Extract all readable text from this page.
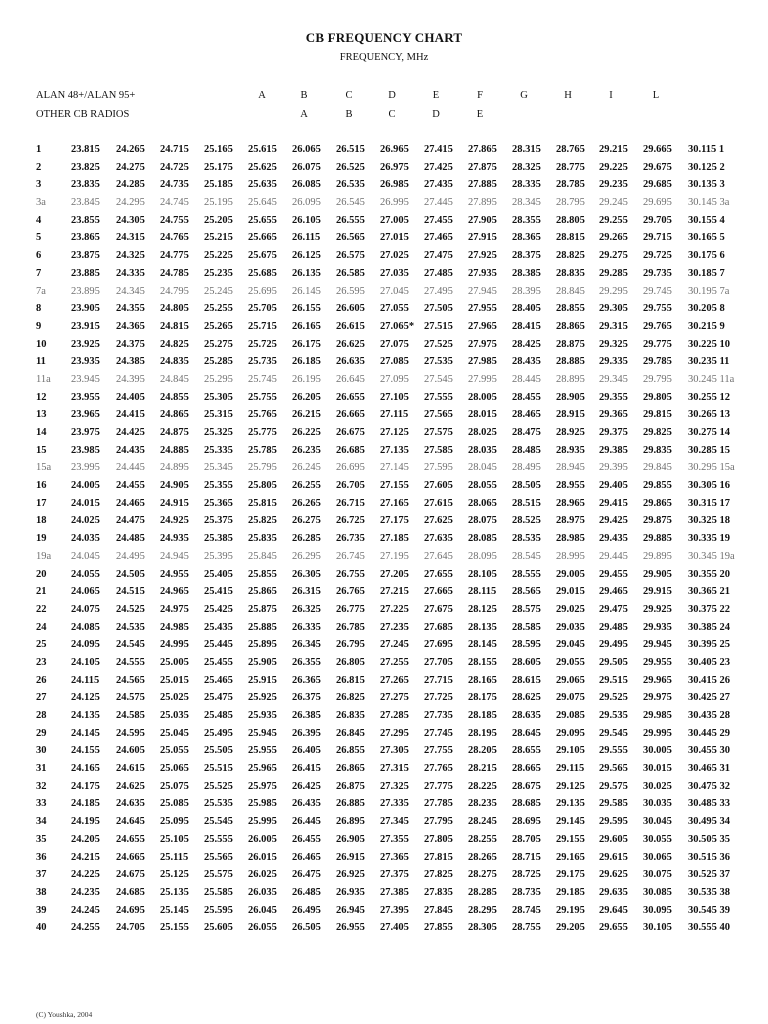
CB FREQUENCY CHART
FREQUENCY, MHz
ALAN 48+/ALAN 95+
OTHER CB RADIOS
A	B	C	D	E	F	G	H	I	L
A	B	C	D	E
1	23.815 24.265 24.715 25.165 25.615 26.065 26.515 26.965 27.415 27.865 28.315 28.765 29.215 29.665 30.115 1
2	23.825 24.275 24.725 25.175 25.625 26.075 26.525 26.975 27.425 27.875 28.325 28.775 29.225 29.675 30.125 2
3	23.835 24.285 24.735 25.185 25.635 26.085 26.535 26.985 27.435 27.885 28.335 28.785 29.235 29.685 30.135 3
3a 23.845 24.295 24.745 25.195 25.645 26.095 26.545 26.995 27.445 27.895 28.345 28.795 29.245 29.695 30.145 3a
4	23.855 24.305 24.755 25.205 25.655 26.105 26.555 27.005 27.455 27.905 28.355 28.805 29.255 29.705 30.155 4
5	23.865 24.315 24.765 25.215 25.665 26.115 26.565 27.015 27.465 27.915 28.365 28.815 29.265 29.715 30.165 5
6	23.875 24.325 24.775 25.225 25.675 26.125 26.575 27.025 27.475 27.925 28.375 28.825 29.275 29.725 30.175 6
7	23.885 24.335 24.785 25.235 25.685 26.135 26.585 27.035 27.485 27.935 28.385 28.835 29.285 29.735 30.185 7
7a 23.895 24.345 24.795 25.245 25.695 26.145 26.595 27.045 27.495 27.945 28.395 28.845 29.295 29.745 30.195 7a
8	23.905 24.355 24.805 25.255 25.705 26.155 26.605 27.055 27.505 27.955 28.405 28.855 29.305 29.755 30.205 8
9	23.915 24.365 24.815 25.265 25.715 26.165 26.615 27.065* 27.515 27.965 28.415 28.865 29.315 29.765 30.215 9
10 23.925 24.375 24.825 25.275 25.725 26.175 26.625 27.075 27.525 27.975 28.425 28.875 29.325 29.775 30.225 10
11 23.935 24.385 24.835 25.285 25.735 26.185 26.635 27.085 27.535 27.985 28.435 28.885 29.335 29.785 30.235 11
11a 23.945 24.395 24.845 25.295 25.745 26.195 26.645 27.095 27.545 27.995 28.445 28.895 29.345 29.795 30.245 11a
12 23.955 24.405 24.855 25.305 25.755 26.205 26.655 27.105 27.555 28.005 28.455 28.905 29.355 29.805 30.255 12
13 23.965 24.415 24.865 25.315 25.765 26.215 26.665 27.115 27.565 28.015 28.465 28.915 29.365 29.815 30.265 13
14 23.975 24.425 24.875 25.325 25.775 26.225 26.675 27.125 27.575 28.025 28.475 28.925 29.375 29.825 30.275 14
15 23.985 24.435 24.885 25.335 25.785 26.235 26.685 27.135 27.585 28.035 28.485 28.935 29.385 29.835 30.285 15
15a 23.995 24.445 24.895 25.345 25.795 26.245 26.695 27.145 27.595 28.045 28.495 28.945 29.395 29.845 30.295 15a
16 24.005 24.455 24.905 25.355 25.805 26.255 26.705 27.155 27.605 28.055 28.505 28.955 29.405 29.855 30.305 16
17 24.015 24.465 24.915 25.365 25.815 26.265 26.715 27.165 27.615 28.065 28.515 28.965 29.415 29.865 30.315 17
18 24.025 24.475 24.925 25.375 25.825 26.275 26.725 27.175 27.625 28.075 28.525 28.975 29.425 29.875 30.325 18
19 24.035 24.485 24.935 25.385 25.835 26.285 26.735 27.185 27.635 28.085 28.535 28.985 29.435 29.885 30.335 19
19a 24.045 24.495 24.945 25.395 25.845 26.295 26.745 27.195 27.645 28.095 28.545 28.995 29.445 29.895 30.345 19a
20 24.055 24.505 24.955 25.405 25.855 26.305 26.755 27.205 27.655 28.105 28.555 29.005 29.455 29.905 30.355 20
21 24.065 24.515 24.965 25.415 25.865 26.315 26.765 27.215 27.665 28.115 28.565 29.015 29.465 29.915 30.365 21
22 24.075 24.525 24.975 25.425 25.875 26.325 26.775 27.225 27.675 28.125 28.575 29.025 29.475 29.925 30.375 22
24 24.085 24.535 24.985 25.435 25.885 26.335 26.785 27.235 27.685 28.135 28.585 29.035 29.485 29.935 30.385 24
25 24.095 24.545 24.995 25.445 25.895 26.345 26.795 27.245 27.695 28.145 28.595 29.045 29.495 29.945 30.395 25
23 24.105 24.555 25.005 25.455 25.905 26.355 26.805 27.255 27.705 28.155 28.605 29.055 29.505 29.955 30.405 23
26 24.115 24.565 25.015 25.465 25.915 26.365 26.815 27.265 27.715 28.165 28.615 29.065 29.515 29.965 30.415 26
27 24.125 24.575 25.025 25.475 25.925 26.375 26.825 27.275 27.725 28.175 28.625 29.075 29.525 29.975 30.425 27
28 24.135 24.585 25.035 25.485 25.935 26.385 26.835 27.285 27.735 28.185 28.635 29.085 29.535 29.985 30.435 28
29 24.145 24.595 25.045 25.495 25.945 26.395 26.845 27.295 27.745 28.195 28.645 29.095 29.545 29.995 30.445 29
30 24.155 24.605 25.055 25.505 25.955 26.405 26.855 27.305 27.755 28.205 28.655 29.105 29.555 30.005 30.455 30
31 24.165 24.615 25.065 25.515 25.965 26.415 26.865 27.315 27.765 28.215 28.665 29.115 29.565 30.015 30.465 31
32 24.175 24.625 25.075 25.525 25.975 26.425 26.875 27.325 27.775 28.225 28.675 29.125 29.575 30.025 30.475 32
33 24.185 24.635 25.085 25.535 25.985 26.435 26.885 27.335 27.785 28.235 28.685 29.135 29.585 30.035 30.485 33
34 24.195 24.645 25.095 25.545 25.995 26.445 26.895 27.345 27.795 28.245 28.695 29.145 29.595 30.045 30.495 34
35 24.205 24.655 25.105 25.555 26.005 26.455 26.905 27.355 27.805 28.255 28.705 29.155 29.605 30.055 30.505 35
36 24.215 24.665 25.115 25.565 26.015 26.465 26.915 27.365 27.815 28.265 28.715 29.165 29.615 30.065 30.515 36
37 24.225 24.675 25.125 25.575 26.025 26.475 26.925 27.375 27.825 28.275 28.725 29.175 29.625 30.075 30.525 37
38 24.235 24.685 25.135 25.585 26.035 26.485 26.935 27.385 27.835 28.285 28.735 29.185 29.635 30.085 30.535 38
39 24.245 24.695 25.145 25.595 26.045 26.495 26.945 27.395 27.845 28.295 28.745 29.195 29.645 30.095 30.545 39
40 24.255 24.705 25.155 25.605 26.055 26.505 26.955 27.405 27.855 28.305 28.755 29.205 29.655 30.105 30.555 40
(C) Youshka, 2004
